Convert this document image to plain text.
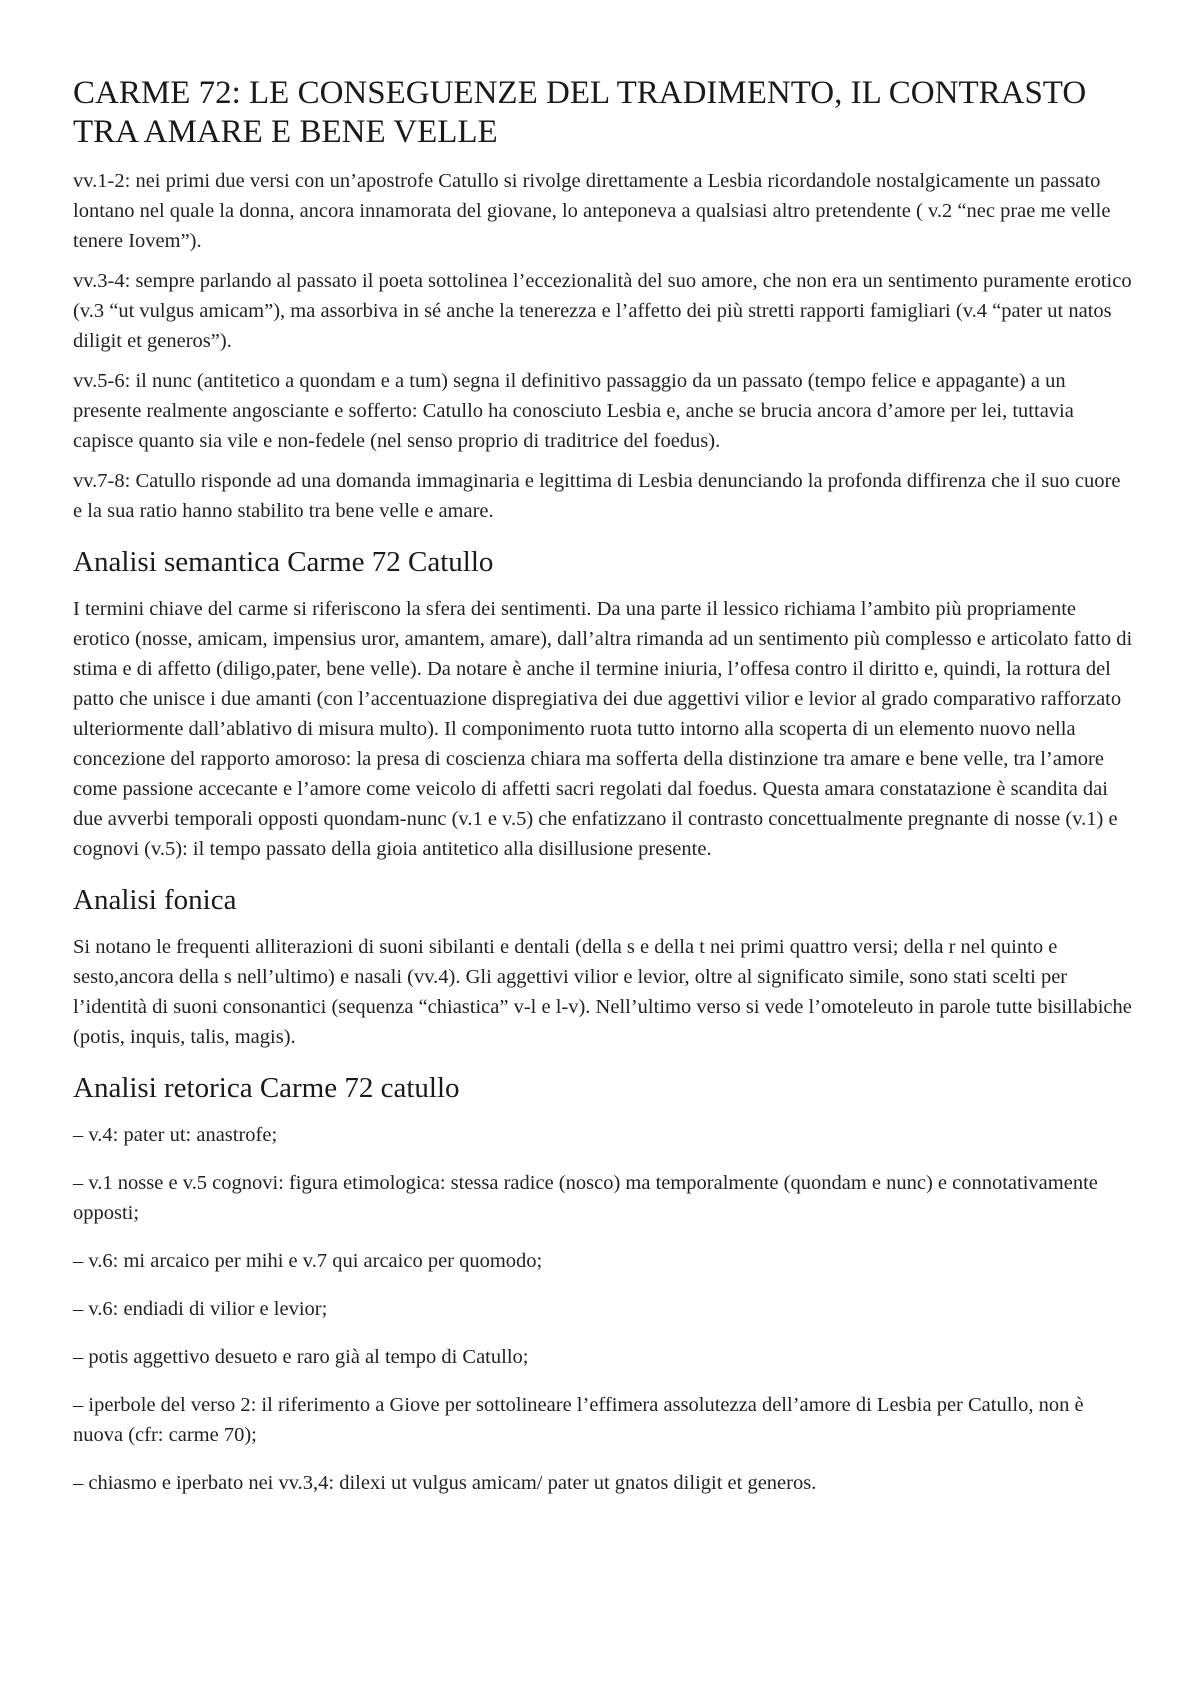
CARME 72: LE CONSEGUENZE DEL TRADIMENTO, IL CONTRASTO TRA AMARE E BENE VELLE

vv.1-2: nei primi due versi con un’apostrofe Catullo si rivolge direttamente a Lesbia ricordandole nostalgicamente un passato lontano nel quale la donna, ancora innamorata del giovane, lo anteponeva a qualsiasi altro pretendente ( v.2 “nec prae me velle tenere Iovem”).

vv.3-4: sempre parlando al passato il poeta sottolinea l’eccezionalità del suo amore, che non era un sentimento puramente erotico (v.3 “ut vulgus amicam”), ma assorbiva in sé anche la tenerezza e l’affetto dei più stretti rapporti famigliari (v.4 “pater ut natos diligit et generos”).

vv.5-6: il nunc (antitetico a quondam e a tum) segna il definitivo passaggio da un passato (tempo felice e appagante) a un presente realmente angosciante e sofferto: Catullo ha conosciuto Lesbia e, anche se brucia ancora d’amore per lei, tuttavia capisce quanto sia vile e non-fedele (nel senso proprio di traditrice del foedus).

vv.7-8: Catullo risponde ad una domanda immaginaria e legittima di Lesbia denunciando la profonda diffirenza che il suo cuore e la sua ratio hanno stabilito tra bene velle e amare.

Analisi semantica Carme 72 Catullo

I termini chiave del carme si riferiscono la sfera dei sentimenti. Da una parte il lessico richiama l’ambito più propriamente erotico (nosse, amicam, impensius uror, amantem, amare), dall’altra rimanda ad un sentimento più complesso e articolato fatto di stima e di affetto (diligo,pater, bene velle). Da notare è anche il termine iniuria, l’offesa contro il diritto e, quindi, la rottura del patto che unisce i due amanti (con l’accentuazione dispregiativa dei due aggettivi vilior e levior al grado comparativo rafforzato ulteriormente dall’ablativo di misura multo). Il componimento ruota tutto intorno alla scoperta di un elemento nuovo nella concezione del rapporto amoroso: la presa di coscienza chiara ma sofferta della distinzione tra amare e bene velle, tra l’amore come passione accecante e l’amore come veicolo di affetti sacri regolati dal foedus. Questa amara constatazione è scandita dai due avverbi temporali opposti quondam-nunc (v.1 e v.5) che enfatizzano il contrasto concettualmente pregnante di nosse (v.1) e cognovi (v.5): il tempo passato della gioia antitetico alla disillusione presente.

Analisi fonica

Si notano le frequenti alliterazioni di suoni sibilanti e dentali (della s e della t nei primi quattro versi; della r nel quinto e sesto,ancora della s nell’ultimo) e nasali (vv.4). Gli aggettivi vilior e levior, oltre al significato simile, sono stati scelti per l’identità di suoni consonantici (sequenza “chiastica” v-l e l-v). Nell’ultimo verso si vede l’omoteleuto in parole tutte bisillabiche (potis, inquis, talis, magis).

Analisi retorica Carme 72 catullo

– v.4: pater ut: anastrofe;

– v.1 nosse e v.5 cognovi: figura etimologica: stessa radice (nosco) ma temporalmente (quondam e nunc) e connotativamente opposti;

– v.6: mi arcaico per mihi e v.7 qui arcaico per quomodo;

– v.6: endiadi di vilior e levior;

– potis aggettivo desueto e raro già al tempo di Catullo;

– iperbole del verso 2: il riferimento a Giove per sottolineare l’effimera assolutezza dell’amore di Lesbia per Catullo, non è nuova (cfr: carme 70);

– chiasmo e iperbato nei vv.3,4: dilexi ut vulgus amicam/ pater ut gnatos diligit et generos.
